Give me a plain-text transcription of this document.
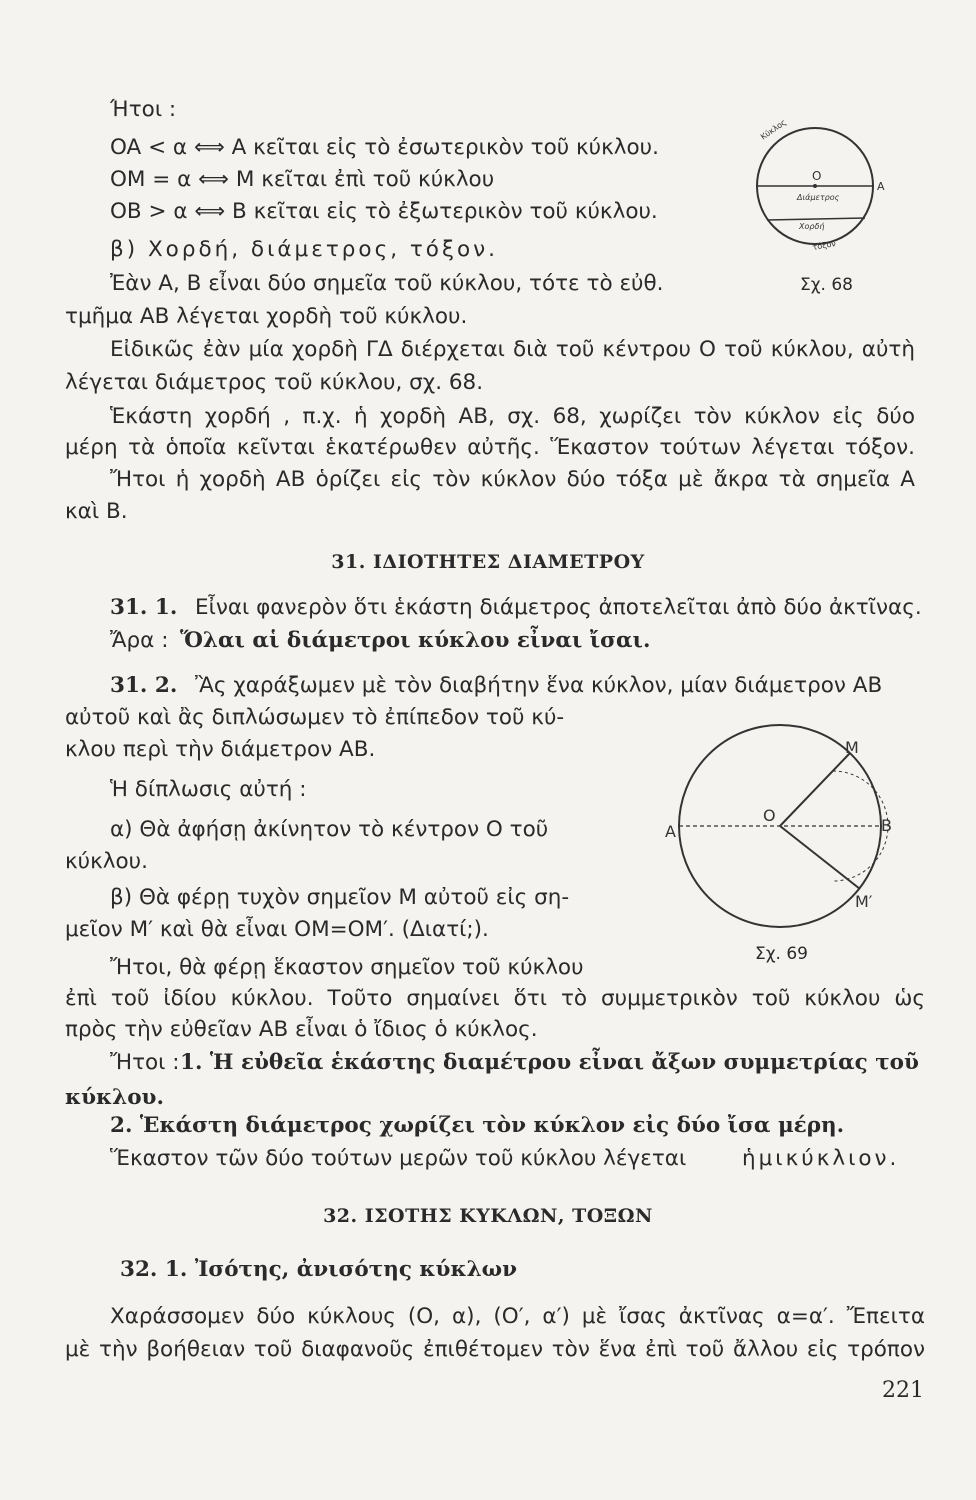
Ήτοι :
OA < α ⟺ A κεῖται εἰς τὸ ἐσωτερικὸν τοῦ κύκλου.
OM = α ⟺ M κεῖται ἐπὶ τοῦ κύκλου
OB > α ⟺ B κεῖται εἰς τὸ ἐξωτερικὸν τοῦ κύκλου.
β) Χορδή, διάμετρος, τόξον.
Ἐὰν A, B εἶναι δύο σημεῖα τοῦ κύκλου, τότε τὸ εὐθ.
τμῆμα AB λέγεται χορδὴ τοῦ κύκλου.
Εἰδικῶς ἐὰν μία χορδὴ ΓΔ διέρχεται διὰ τοῦ κέντρου O τοῦ κύκλου, αὐτὴ
λέγεται διάμετρος τοῦ κύκλου, σχ. 68.
Ἑκάστη χορδή , π.χ. ἡ χορδὴ AB, σχ. 68, χωρίζει τὸν κύκλον εἰς δύο
μέρη τὰ ὁποῖα κεῖνται ἑκατέρωθεν αὐτῆς. Ἕκαστον τούτων λέγεται τόξον.
Ἤτοι ἡ χορδὴ AB ὁρίζει εἰς τὸν κύκλον δύο τόξα μὲ ἄκρα τὰ σημεῖα A
καὶ B.
31. ΙΔΙΟΤΗΤΕΣ ΔΙΑΜΕΤΡΟΥ
31. 1. Εἶναι φανερὸν ὅτι ἑκάστη διάμετρος ἀποτελεῖται ἀπὸ δύο ἀκτῖνας.
Ἄρα : Ὅλαι αἱ διάμετροι κύκλου εἶναι ἴσαι.
31. 2. Ἂς χαράξωμεν μὲ τὸν διαβήτην ἕνα κύκλον, μίαν διάμετρον AB
αὐτοῦ καὶ ἂς διπλώσωμεν τὸ ἐπίπεδον τοῦ κύ-
κλου περὶ τὴν διάμετρον AB.
Ἡ δίπλωσις αὐτή :
α) Θὰ ἀφήσῃ ἀκίνητον τὸ κέντρον O τοῦ
κύκλου.
β) Θὰ φέρῃ τυχὸν σημεῖον M αὐτοῦ εἰς ση-
μεῖον M′ καὶ θὰ εἶναι OM=OM′. (Διατί;).
Ἤτοι, θὰ φέρῃ ἕκαστον σημεῖον τοῦ κύκλου
ἐπὶ τοῦ ἰδίου κύκλου. Τοῦτο σημαίνει ὅτι τὸ συμμετρικὸν τοῦ κύκλου ὡς
πρὸς τὴν εὐθεῖαν AB εἶναι ὁ ἴδιος ὁ κύκλος.
Ἤτοι : 1. Ἡ εὐθεῖα ἑκάστης διαμέτρου εἶναι ἄξων συμμετρίας τοῦ
κύκλου.
2. Ἑκάστη διάμετρος χωρίζει τὸν κύκλον εἰς δύο ἴσα μέρη.
Ἕκαστον τῶν δύο τούτων μερῶν τοῦ κύκλου λέγεται	ἡμικύκλιον.
32. ΙΣΟΤΗΣ ΚΥΚΛΩΝ, ΤΟΞΩΝ
32. 1. Ἰσότης, ἀνισότης κύκλων
Χαράσσομεν δύο κύκλους (O, α), (O′, α′) μὲ ἴσας ἀκτῖνας α=α′. Ἔπειτα
μὲ τὴν βοήθειαν τοῦ διαφανοῦς ἐπιθέτομεν τὸν ἕνα ἐπὶ τοῦ ἄλλου εἰς τρόπον
O
A
Διάμετρος
Χορδή
Κύκλος
τόξον
Σχ. 68
M
M′
O
A	B
Σχ. 69
221
